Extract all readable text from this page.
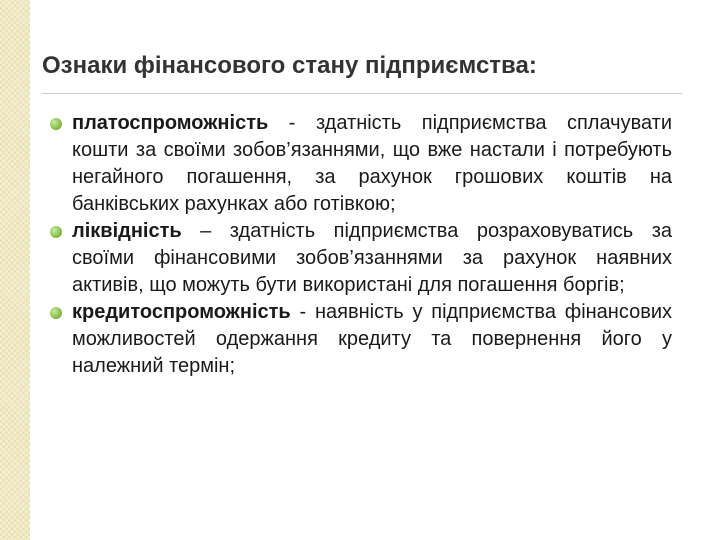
Ознаки фінансового стану підприємства:
платоспроможність - здатність підприємства сплачувати кошти за своїми зобов’язаннями, що вже настали і потребують негайного погашення, за рахунок грошових коштів на банківських рахунках або готівкою;
ліквідність – здатність підприємства розраховуватись за своїми фінансовими зобов’язаннями за рахунок наявних активів, що можуть бути використані для погашення боргів;
кредитоспроможність - наявність у підприємства фінансових можливостей одержання кредиту та повернення його у належний термін;
